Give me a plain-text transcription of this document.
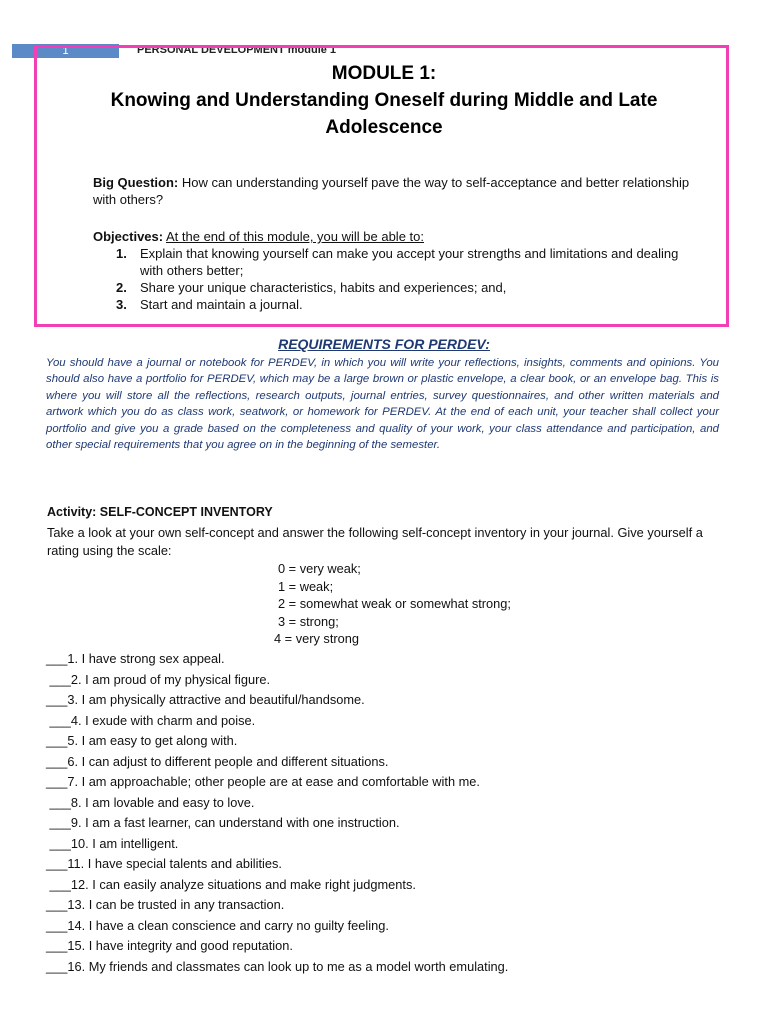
1	PERSONAL DEVELOPMENT module 1
MODULE 1:
Knowing and Understanding Oneself during Middle and Late
Adolescence
Big Question: How can understanding yourself pave the way to self-acceptance and better relationship with others?
Objectives: At the end of this module, you will be able to:
1. Explain that knowing yourself can make you accept your strengths and limitations and dealing with others better;
2. Share your unique characteristics, habits and experiences; and,
3. Start and maintain a journal.
REQUIREMENTS FOR PERDEV:
You should have a journal or notebook for PERDEV, in which you will write your reflections, insights, comments and opinions. You should also have a portfolio for PERDEV, which may be a large brown or plastic envelope, a clear book, or an envelope bag. This is where you will store all the reflections, research outputs, journal entries, survey questionnaires, and other written materials and artwork which you do as class work, seatwork, or homework for PERDEV. At the end of each unit, your teacher shall collect your portfolio and give you a grade based on the completeness and quality of your work, your class attendance and participation, and other special requirements that you agree on in the beginning of the semester.
Activity: SELF-CONCEPT INVENTORY
Take a look at your own self-concept and answer the following self-concept inventory in your journal. Give yourself a rating using the scale:
0 = very weak;
1 = weak;
2 = somewhat weak or somewhat strong;
3 = strong;
4 = very strong
___1. I have strong sex appeal.
___2. I am proud of my physical figure.
___3. I am physically attractive and beautiful/handsome.
___4. I exude with charm and poise.
___5. I am easy to get along with.
___6. I can adjust to different people and different situations.
___7. I am approachable; other people are at ease and comfortable with me.
___8. I am lovable and easy to love.
___9. I am a fast learner, can understand with one instruction.
___10. I am intelligent.
___11. I have special talents and abilities.
___12. I can easily analyze situations and make right judgments.
___13. I can be trusted in any transaction.
___14. I have a clean conscience and carry no guilty feeling.
___15. I have integrity and good reputation.
___16. My friends and classmates can look up to me as a model worth emulating.
